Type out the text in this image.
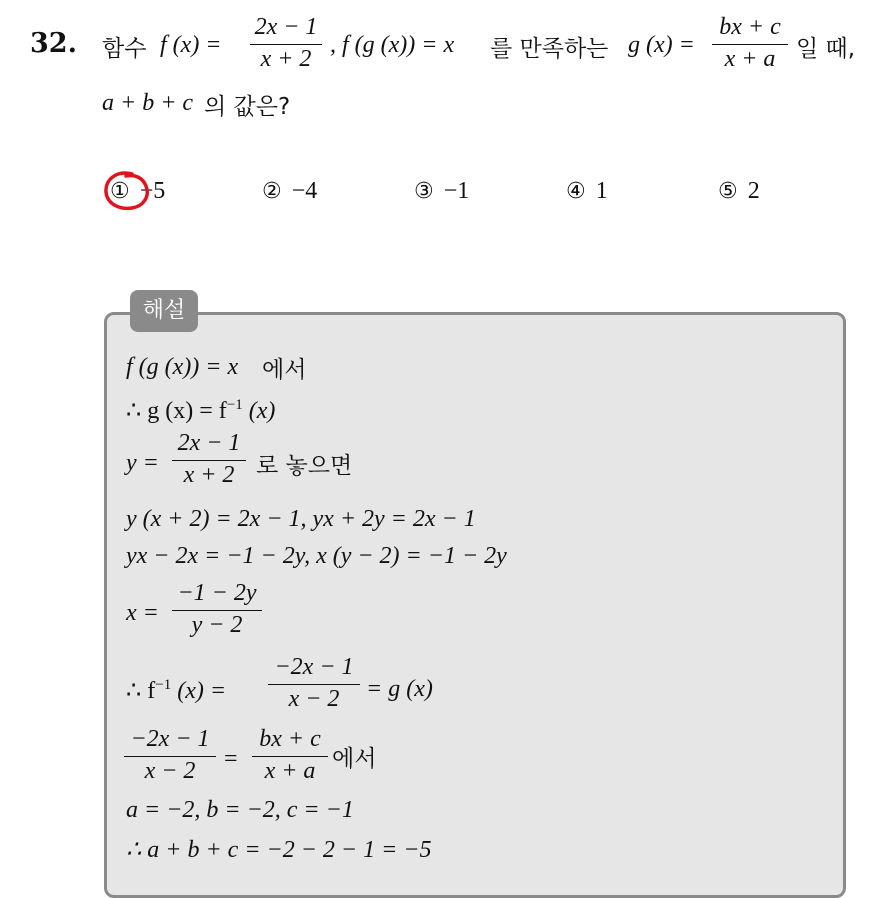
32. 함수 f (x) =
2x − 1
x + 2
, f (g (x)) = x 를 만족하는 g (x) =
bx + c
x + a 일 때,
a + b + c 의 값은?
① −5	② −4	③ −1	④ 1	⑤ 2
해설
f (g (x)) = x 에서
∴ g $(x) = f^{-1}$ (x)
y =
2x − 1
x + 2 로 놓으면
y (x + 2) = 2x − 1, yx + 2y = 2x − 1
yx − 2x = −1 − 2y, x (y − 2) = −1 − 2y
x =
−1 − 2y
y − 2
∴ $f^{-1}$ (x) =
−2x − 1
x − 2	= g (x)
−2x − 1
x − 2	=
bx + c
x + a 에서
a = −2, b = −2, c = −1
∴ a + b + c = −2 − 2 − 1 = −5
